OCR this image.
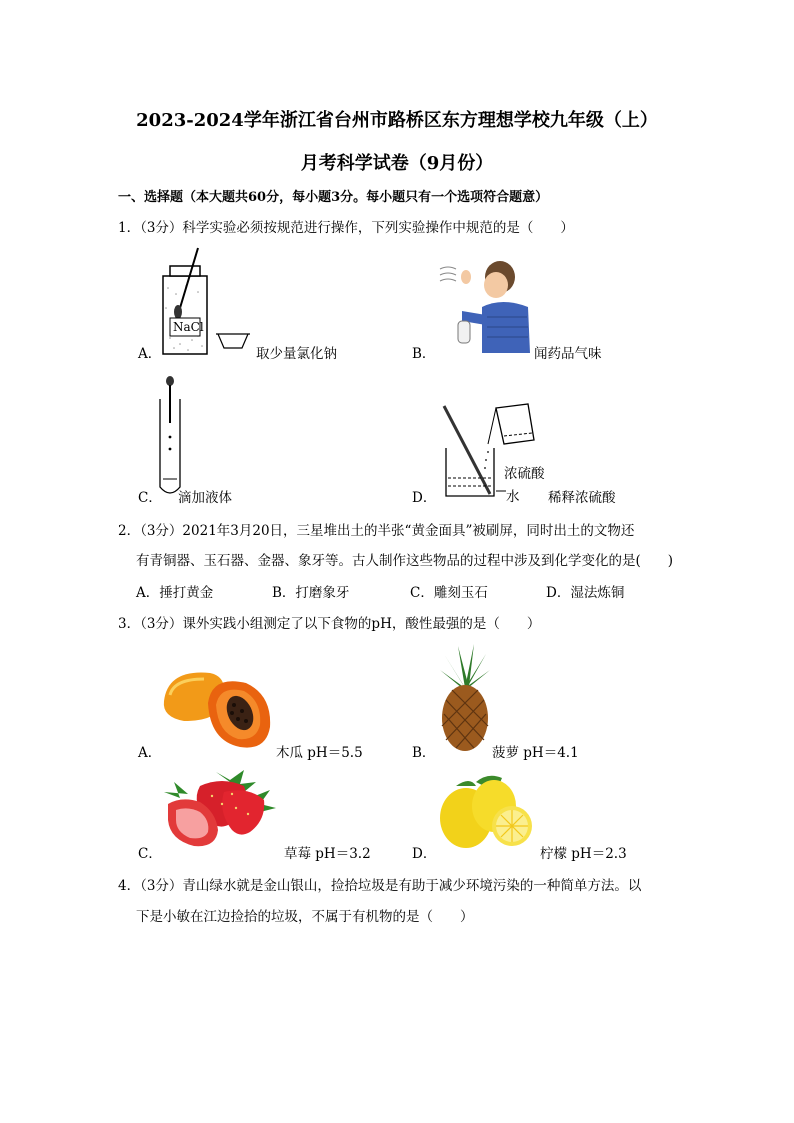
2023-2024学年浙江省台州市路桥区东方理想学校九年级（上）
月考科学试卷（9月份）
一、选择题（本大题共60分，每小题3分。每小题只有一个选项符合题意）
1．（3分）科学实验必须按规范进行操作，下列实验操作中规范的是（　　）
NaCl
A．	取少量氯化钠	B．	闻药品气味
C． 滴加液体
浓硫酸
水
D．	稀释浓硫酸
2．（3分）2021年3月20日，三星堆出土的半张“黄金面具”被刷屏，同时出土的文物还
有青铜器、玉石器、金器、象牙等。古人制作这些物品的过程中涉及到化学变化的是(　　)
A．捶打黄金	B．打磨象牙	C．雕刻玉石	D．湿法炼铜
3．（3分）课外实践小组测定了以下食物的pH，酸性最强的是（　　）
A．	木瓜 pH＝5.5	B．	菠萝 pH＝4.1
C．	草莓 pH＝3.2	D．	柠檬 pH＝2.3
4．（3分）青山绿水就是金山银山，捡拾垃圾是有助于减少环境污染的一种简单方法。以
下是小敏在江边捡拾的垃圾，不属于有机物的是（　　）
